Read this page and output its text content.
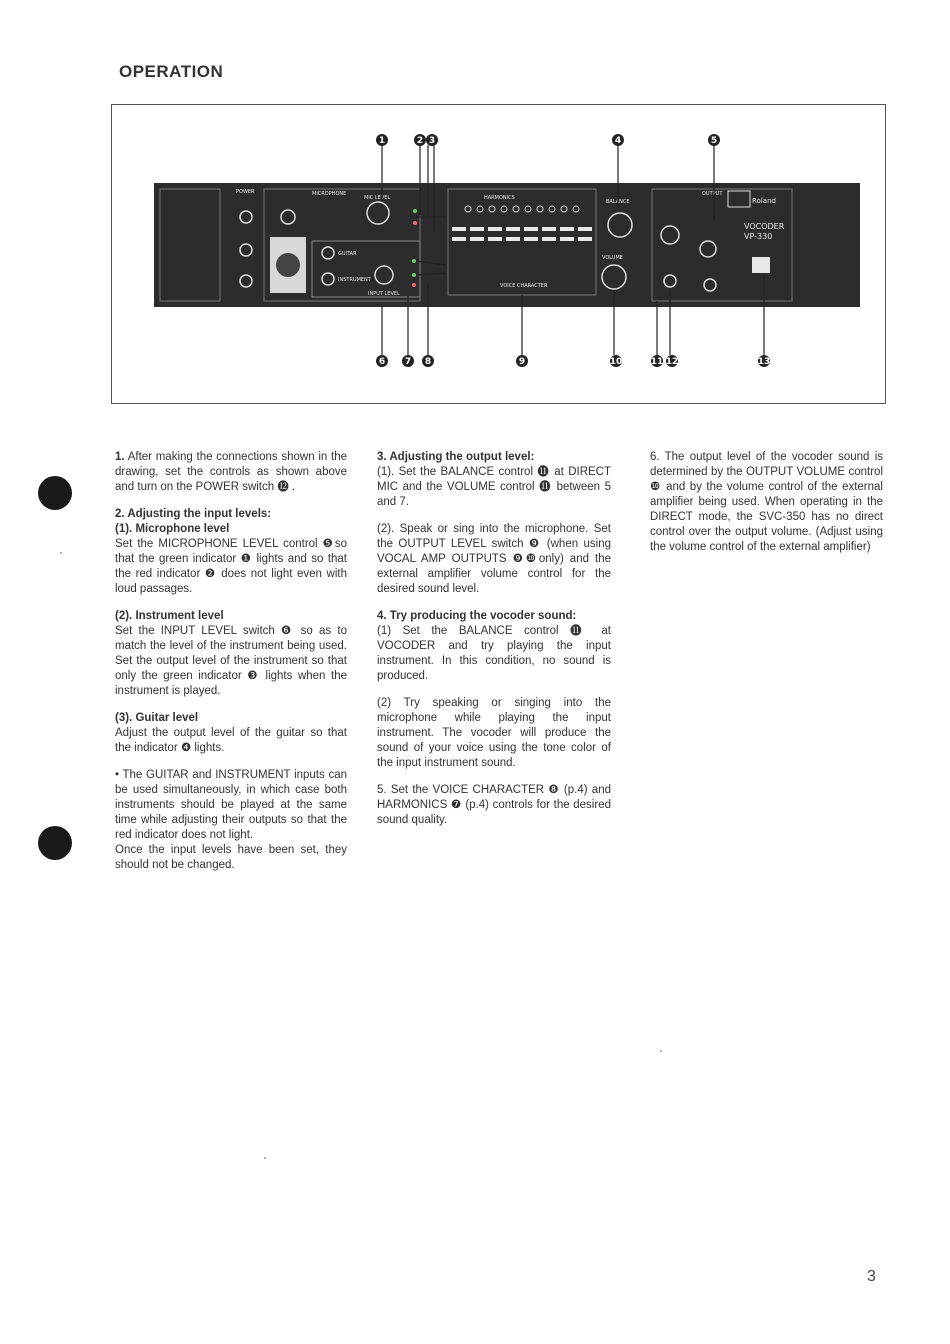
OPERATION
POWER	MICROPHONE
MIC LEVEL
GUITAR
INSTRUMENT
INPUT LEVEL
HARMONICS
VOICE CHARACTER
BALANCE
VOLUME
OUTPUT
Roland
VOCODER
VP-330
1	2 3	4	5
6 7 8	9	10	11 12	13

1. After making the connections shown in the drawing, set the controls as shown above and turn on the POWER switch ⓬ .

2. Adjusting the input levels:
(1). Microphone level

Set the MICROPHONE LEVEL control ❺so that the green indicator ❶ lights and so that the red indicator ❷ does not light even with loud passages.

(2). Instrument level

Set the INPUT LEVEL switch ❻ so as to match the level of the instrument being used. Set the output level of the instrument so that only the green indicator ❸ lights when the instrument is played.

(3). Guitar level

Adjust the output level of the guitar so that the indicator ❹ lights.

• The GUITAR and INSTRUMENT inputs can be used simultaneously, in which case both instruments should be played at the same time while adjusting their outputs so that the red indicator does not light.

Once the input levels have been set, they should not be changed.

3. Adjusting the output level:

(1). Set the BALANCE control ⓫ at DIRECT MIC and the VOLUME control ⓫ between 5 and 7.

(2). Speak or sing into the microphone. Set the OUTPUT LEVEL switch ❾ (when using VOCAL AMP OUTPUTS ❾❿only) and the external amplifier volume control for the desired sound level.

4. Try producing the vocoder sound:

(1) Set the BALANCE control ⓫ at VOCODER and try playing the input instrument. In this condition, no sound is produced.

(2) Try speaking or singing into the microphone while playing the input instrument. The vocoder will produce the sound of your voice using the tone color of the input instrument sound.

5. Set the VOICE CHARACTER ❽ (p.4) and HARMONICS ❼ (p.4) controls for the desired sound quality.

6. The output level of the vocoder sound is determined by the OUTPUT VOLUME control ❿ and by the volume control of the external amplifier being used. When operating in the DIRECT mode, the SVC-350 has no direct control over the output volume. (Adjust using the volume control of the external amplifier)

3
